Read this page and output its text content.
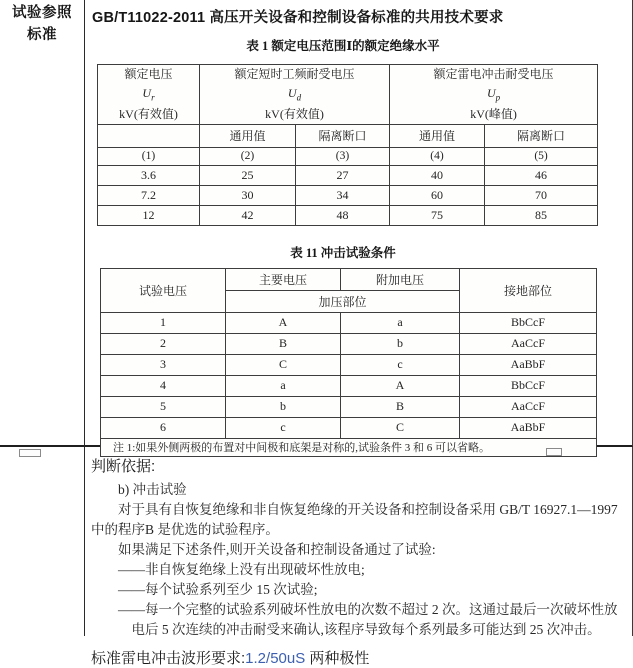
试验参照标准
GB/T11022-2011 高压开关设备和控制设备标准的共用技术要求
表 1 额定电压范围Ⅰ的额定绝缘水平
额定电压
$U_r$
kV(有效值)	额定短时工频耐受电压
$U_d$
kV(有效值)		额定雷电冲击耐受电压
$U_p$
kV(峰值)	
	通用值	隔离断口	通用值	隔离断口
(1)	(2)	(3)	(4)	(5)
3.6	25	27	40	46
7.2	30	34	60	70
12	42	48	75	85
表 11 冲击试验条件
试验电压	主要电压	附加电压	接地部位
	加压部位		
1	A	a	BbCcF
2	B	b	AaCcF
3	C	c	AaBbF
4	a	A	BbCcF
5	b	B	AaCcF
6	c	C	AaBbF
注 1:如果外侧两极的布置对中间极和底架是对称的,试验条件 3 和 6 可以省略。			
判断依据:

b) 冲击试验

对于具有自恢复绝缘和非自恢复绝缘的开关设备和控制设备采用 GB/T 16927.1—1997 中的程序B 是优选的试验程序。

如果满足下述条件,则开关设备和控制设备通过了试验:

——非自恢复绝缘上没有出现破坏性放电;

——每个试验系列至少 15 次试验;

——每一个完整的试验系列破坏性放电的次数不超过 2 次。这通过最后一次破坏性放电后 5 次连续的冲击耐受来确认,该程序导致每个系列最多可能达到 25 次冲击。

标准雷电冲击波形要求:1.2/50uS 两种极性
